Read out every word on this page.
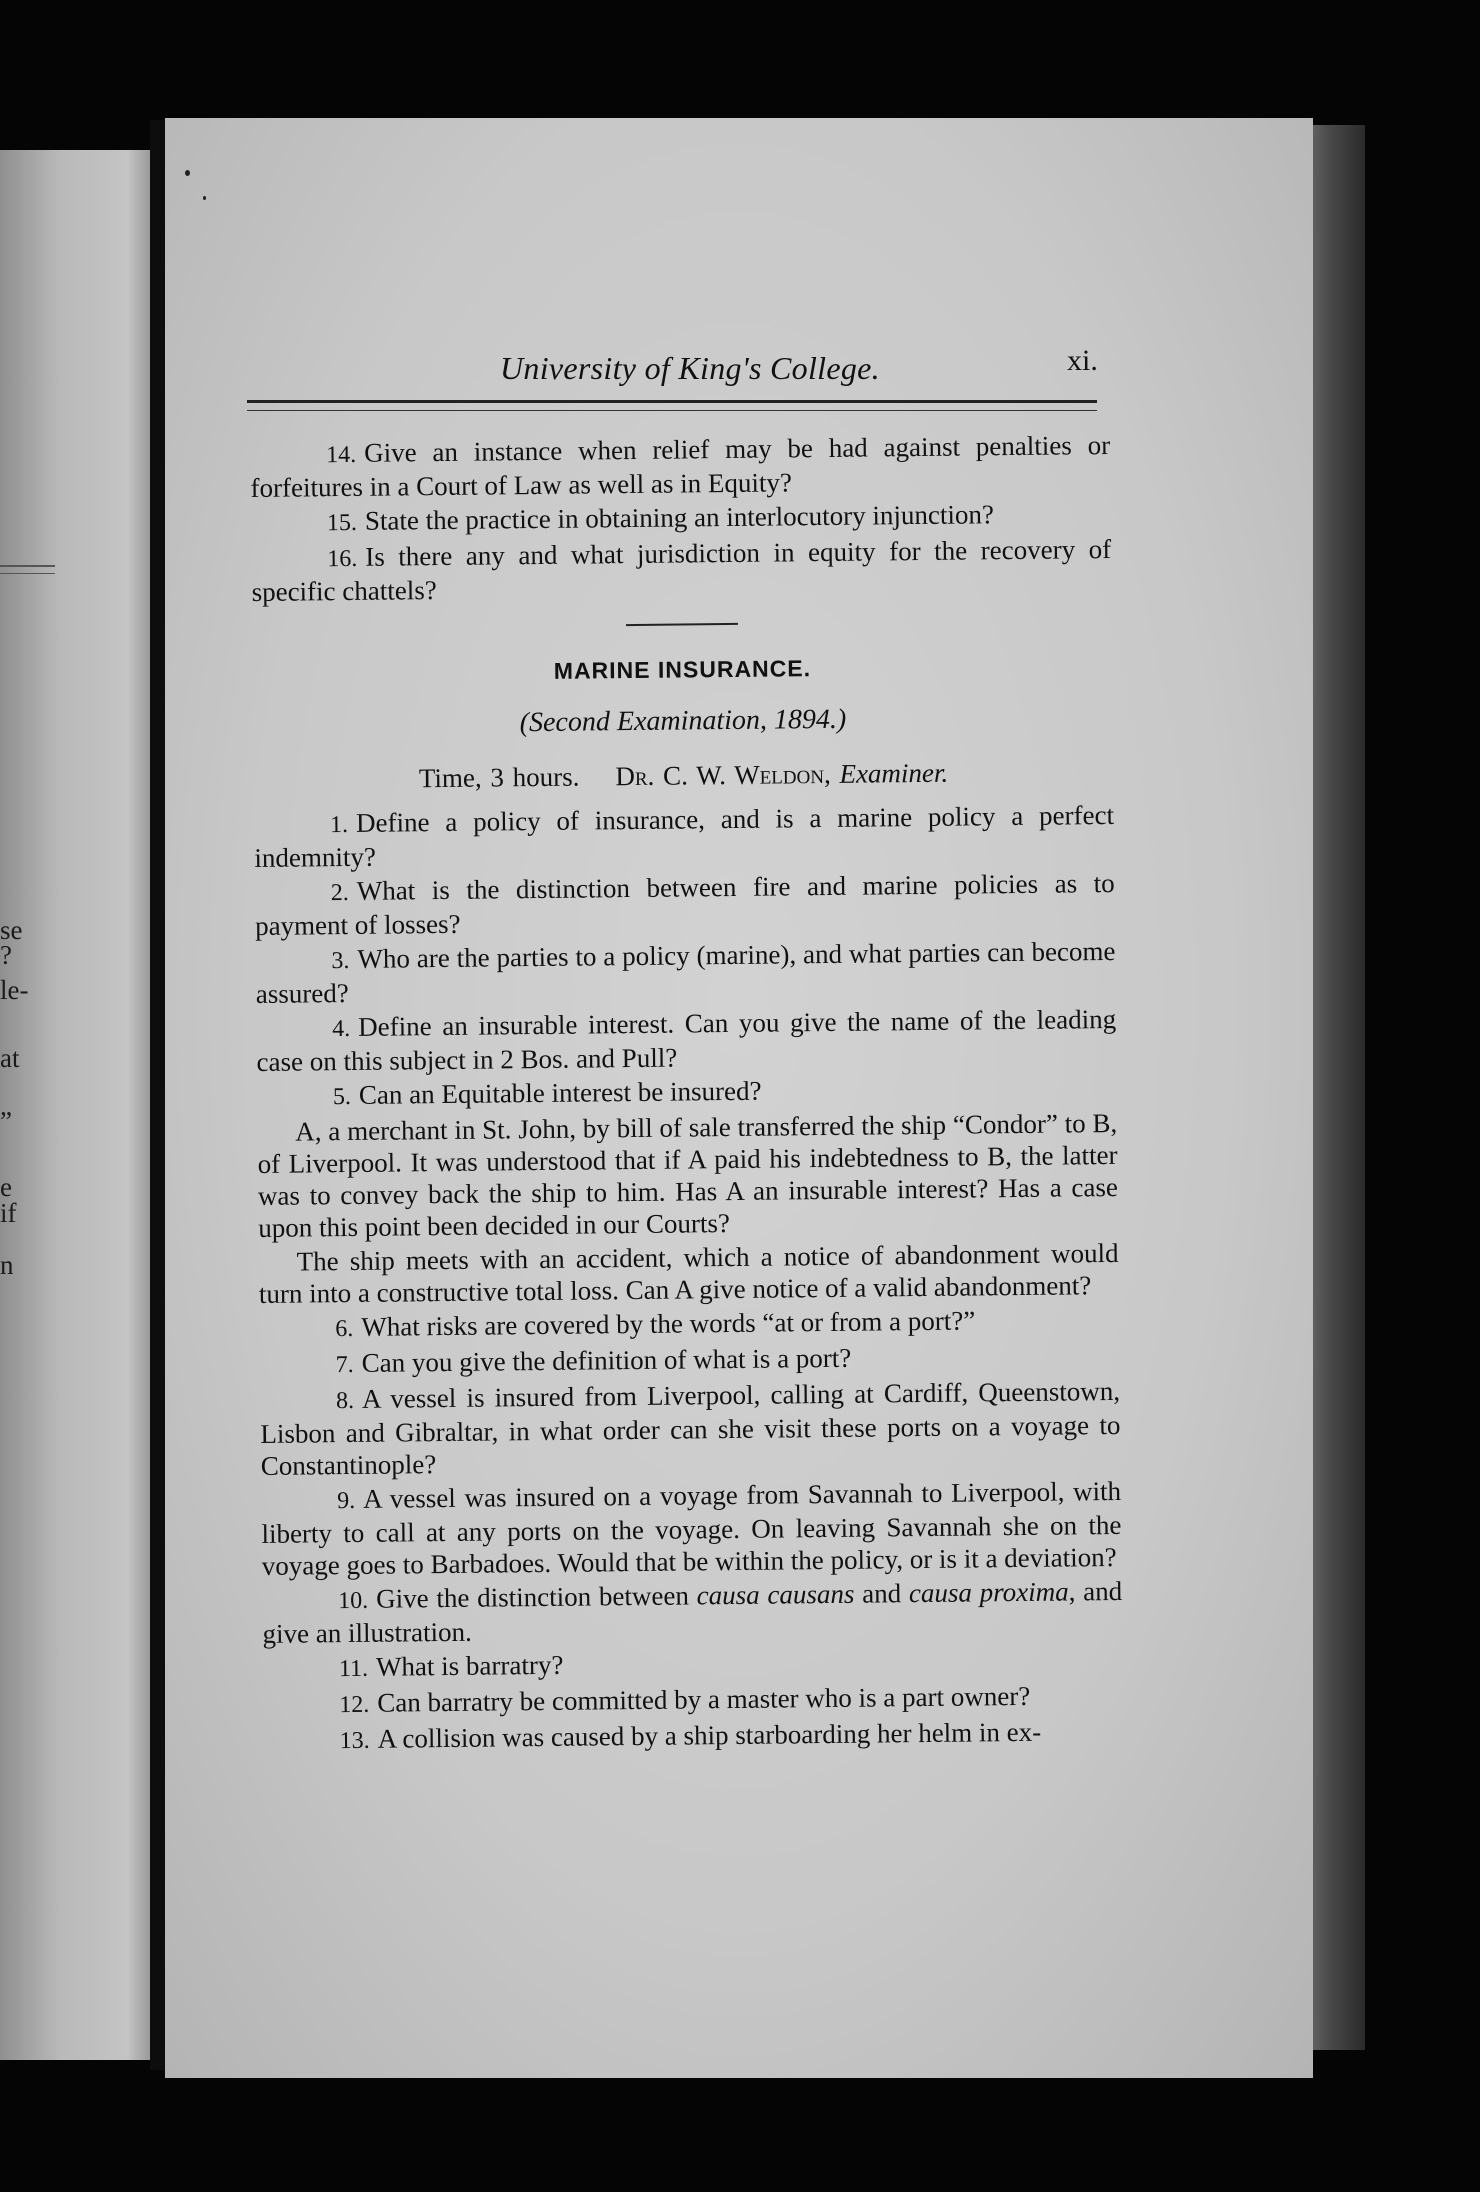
se
?
le-
at
”
e
if
n
University of King's College.	xi.

14. Give an instance when relief may be had against penalties or forfeitures in a Court of Law as well as in Equity?

15. State the practice in obtaining an interlocutory injunction?

16. Is there any and what jurisdiction in equity for the recovery of specific chattels?

MARINE INSURANCE.
(Second Examination, 1894.)
Time, 3 hours. Dr. C. W. Weldon, Examiner.

1. Define a policy of insurance, and is a marine policy a perfect indemnity?

2. What is the distinction between fire and marine policies as to payment of losses?

3. Who are the parties to a policy (marine), and what parties can become assured?

4. Define an insurable interest. Can you give the name of the leading case on this subject in 2 Bos. and Pull?

5. Can an Equitable interest be insured?

A, a merchant in St. John, by bill of sale transferred the ship “Condor” to B, of Liverpool. It was understood that if A paid his indebtedness to B, the latter was to convey back the ship to him. Has A an insurable interest? Has a case upon this point been decided in our Courts?

The ship meets with an accident, which a notice of abandonment would turn into a constructive total loss. Can A give notice of a valid abandonment?

6. What risks are covered by the words “at or from a port?”

7. Can you give the definition of what is a port?

8. A vessel is insured from Liverpool, calling at Cardiff, Queenstown, Lisbon and Gibraltar, in what order can she visit these ports on a voyage to Constantinople?

9. A vessel was insured on a voyage from Savannah to Liverpool, with liberty to call at any ports on the voyage. On leaving Savannah she on the voyage goes to Barbadoes. Would that be within the policy, or is it a deviation?

10. Give the distinction between causa causans and causa proxima, and give an illustration.

11. What is barratry?

12. Can barratry be committed by a master who is a part owner?

13. A collision was caused by a ship starboarding her helm in ex-
